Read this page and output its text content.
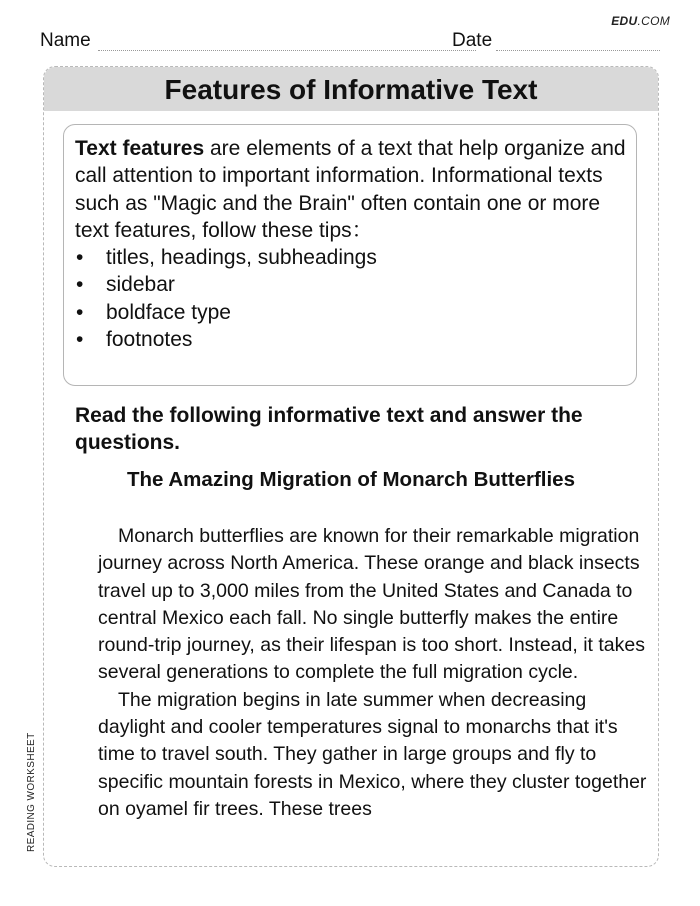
EDU.COM
Name	Date
READING WORKSHEET
Features of Informative Text
Text features are elements of a text that help organize and call attention to important information. Informational texts such as "Magic and the Brain" often contain one or more text features, follow these tips：
• titles, headings, subheadings
• sidebar
• boldface type
• footnotes
Read the following informative text and answer the questions.
The Amazing Migration of Monarch Butterflies

Monarch butterflies are known for their remarkable migration journey across North America. These orange and black insects travel up to 3,000 miles from the United States and Canada to central Mexico each fall. No single butterfly makes the entire round-trip journey, as their lifespan is too short. Instead, it takes several generations to complete the full migration cycle.

The migration begins in late summer when decreasing daylight and cooler temperatures signal to monarchs that it's time to travel south. They gather in large groups and fly to specific mountain forests in Mexico, where they cluster together on oyamel fir trees. These trees
